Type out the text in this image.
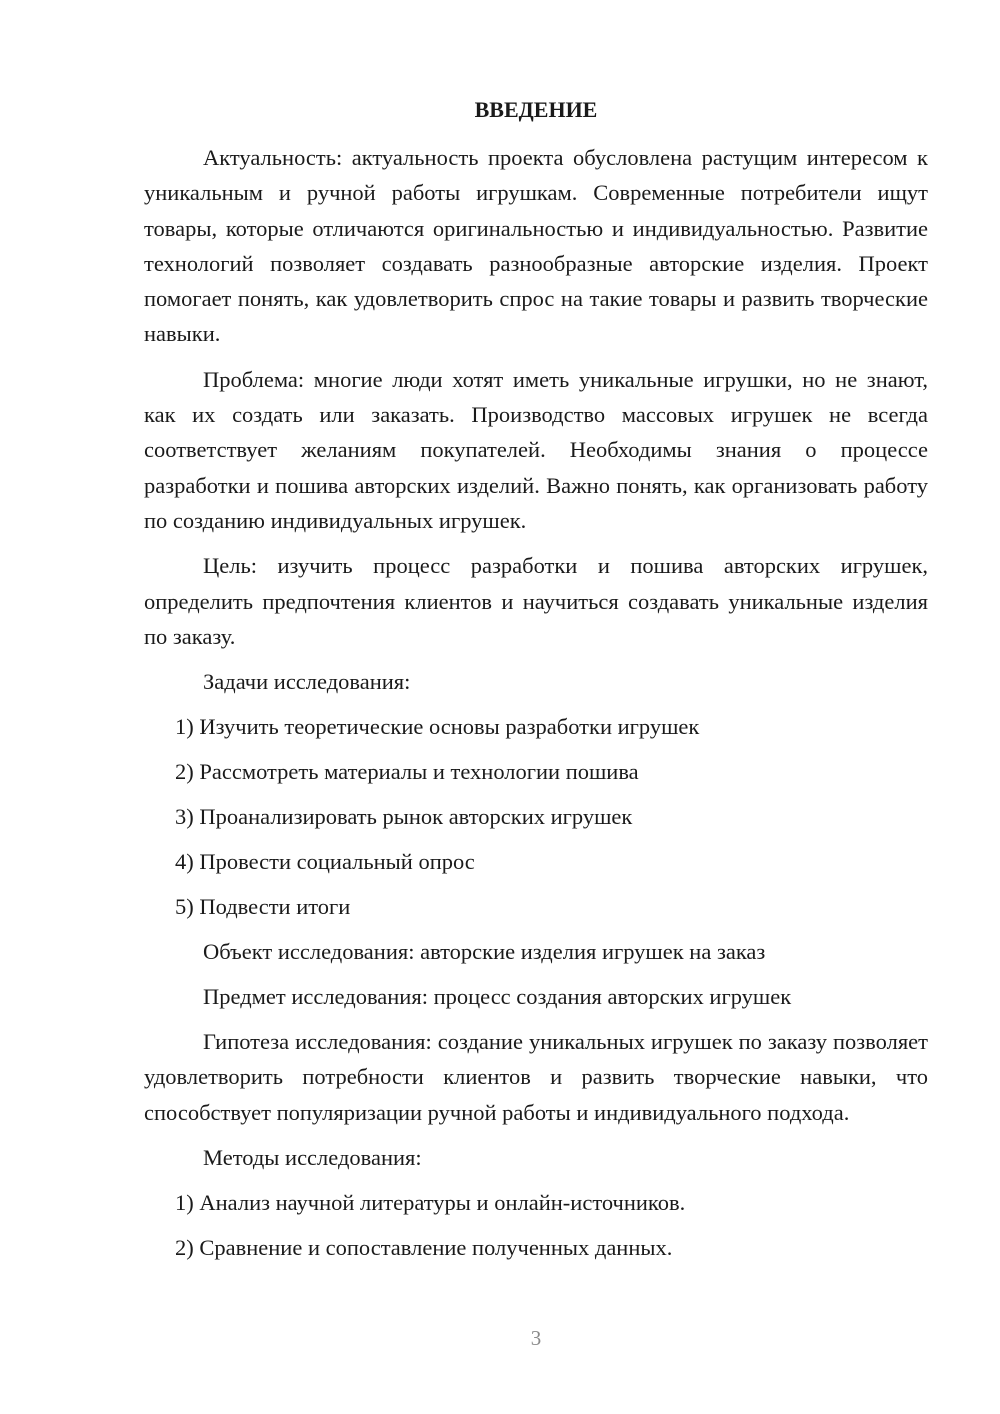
ВВЕДЕНИЕ

Актуальность: актуальность проекта обусловлена растущим интересом к уникальным и ручной работы игрушкам. Современные потребители ищут товары, которые отличаются оригинальностью и индивидуальностью. Развитие технологий позволяет создавать разнообразные авторские изделия. Проект помогает понять, как удовлетворить спрос на такие товары и развить творческие навыки.

Проблема: многие люди хотят иметь уникальные игрушки, но не знают, как их создать или заказать. Производство массовых игрушек не всегда соответствует желаниям покупателей. Необходимы знания о процессе разработки и пошива авторских изделий. Важно понять, как организовать работу по созданию индивидуальных игрушек.

Цель: изучить процесс разработки и пошива авторских игрушек, определить предпочтения клиентов и научиться создавать уникальные изделия по заказу.

Задачи исследования:
1) Изучить теоретические основы разработки игрушек
2) Рассмотреть материалы и технологии пошива
3) Проанализировать рынок авторских игрушек
4) Провести социальный опрос
5) Подвести итоги
Объект исследования: авторские изделия игрушек на заказ
Предмет исследования: процесс создания авторских игрушек

Гипотеза исследования: создание уникальных игрушек по заказу позволяет удовлетворить потребности клиентов и развить творческие навыки, что способствует популяризации ручной работы и индивидуального подхода.

Методы исследования:
1) Анализ научной литературы и онлайн-источников.
2) Сравнение и сопоставление полученных данных.
3
